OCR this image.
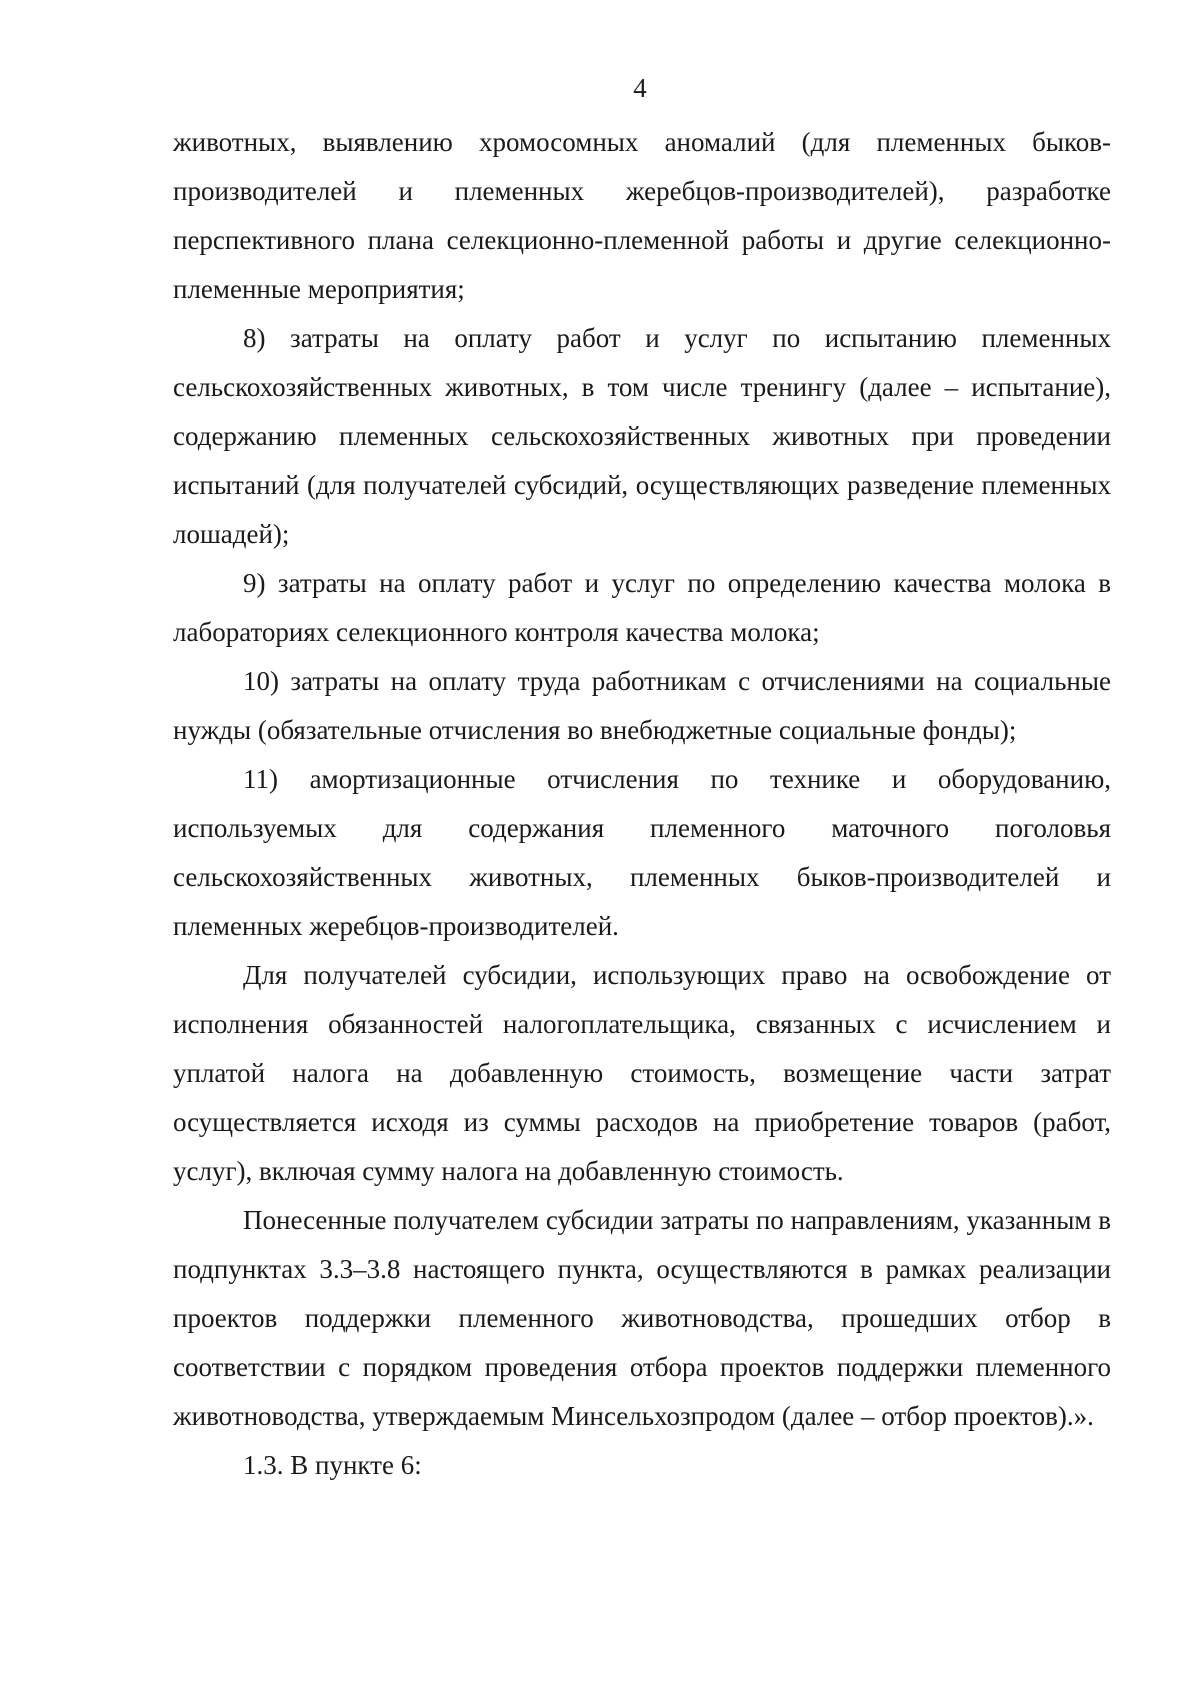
4

животных, выявлению хромосомных аномалий (для племенных быков-производителей и племенных жеребцов-производителей), разработке перспективного плана селекционно-племенной работы и другие селекционно-племенные мероприятия;

8) затраты на оплату работ и услуг по испытанию племенных сельскохозяйственных животных, в том числе тренингу (далее – испытание), содержанию племенных сельскохозяйственных животных при проведении испытаний (для получателей субсидий, осуществляющих разведение племенных лошадей);

9) затраты на оплату работ и услуг по определению качества молока в лабораториях селекционного контроля качества молока;

10) затраты на оплату труда работникам с отчислениями на социальные нужды (обязательные отчисления во внебюджетные социальные фонды);

11) амортизационные отчисления по технике и оборудованию, используемых для содержания племенного маточного поголовья сельскохозяйственных животных, племенных быков-производителей и племенных жеребцов-производителей.

Для получателей субсидии, использующих право на освобождение от исполнения обязанностей налогоплательщика, связанных с исчислением и уплатой налога на добавленную стоимость, возмещение части затрат осуществляется исходя из суммы расходов на приобретение товаров (работ, услуг), включая сумму налога на добавленную стоимость.

Понесенные получателем субсидии затраты по направлениям, указанным в подпунктах 3.3–3.8 настоящего пункта, осуществляются в рамках реализации проектов поддержки племенного животноводства, прошедших отбор в соответствии с порядком проведения отбора проектов поддержки племенного животноводства, утверждаемым Минсельхозпродом (далее – отбор проектов).».

1.3. В пункте 6:
